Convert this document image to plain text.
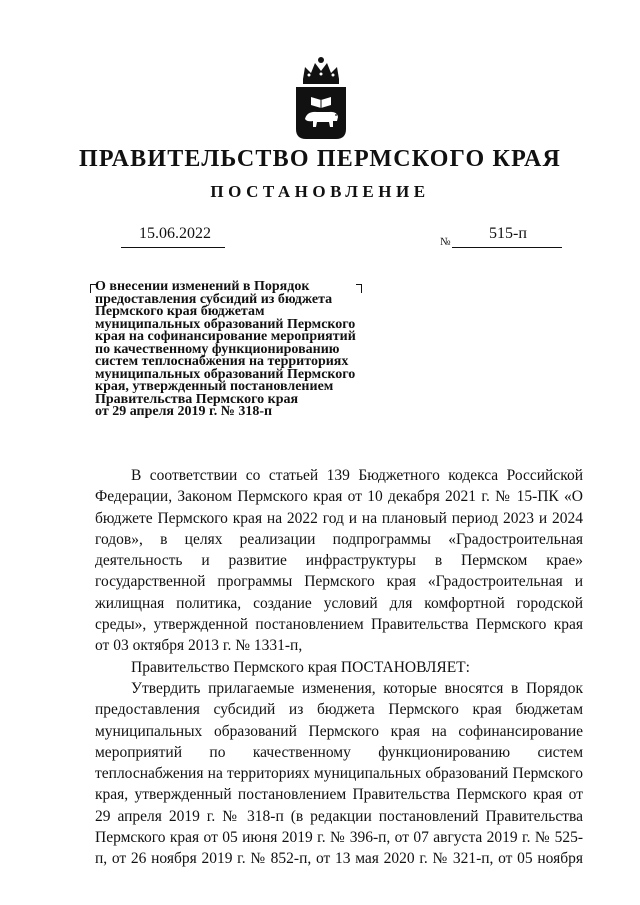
ПРАВИТЕЛЬСТВО ПЕРМСКОГО КРАЯ
ПОСТАНОВЛЕНИЕ
15.06.2022	№ 515-п
О внесении изменений в Порядок
предоставления субсидий из бюджета
Пермского края бюджетам
муниципальных образований Пермского
края на софинансирование мероприятий
по качественному функционированию
систем теплоснабжения на территориях
муниципальных образований Пермского
края, утвержденный постановлением
Правительства Пермского края
от 29 апреля 2019 г. № 318-п

В соответствии со статьей 139 Бюджетного кодекса Российской Федерации, Законом Пермского края от 10 декабря 2021 г. № 15-ПК «О бюджете Пермского края на 2022 год и на плановый период 2023 и 2024 годов», в целях реализации подпрограммы «Градостроительная деятельность и развитие инфраструктуры в Пермском крае» государственной программы Пермского края «Градостроительная и жилищная политика, создание условий для комфортной городской среды», утвержденной постановлением Правительства Пермского края от 03 октября 2013 г. № 1331-п,

Правительство Пермского края ПОСТАНОВЛЯЕТ:

Утвердить прилагаемые изменения, которые вносятся в Порядок предоставления субсидий из бюджета Пермского края бюджетам муниципальных образований Пермского края на софинансирование мероприятий по качественному функционированию систем теплоснабжения на территориях муниципальных образований Пермского края, утвержденный постановлением Правительства Пермского края от 29 апреля 2019 г. № 318-п (в редакции постановлений Правительства Пермского края от 05 июня 2019 г. № 396-п, от 07 августа 2019 г. № 525-п, от 26 ноября 2019 г. № 852-п, от 13 мая 2020 г. № 321-п, от 05 ноября
